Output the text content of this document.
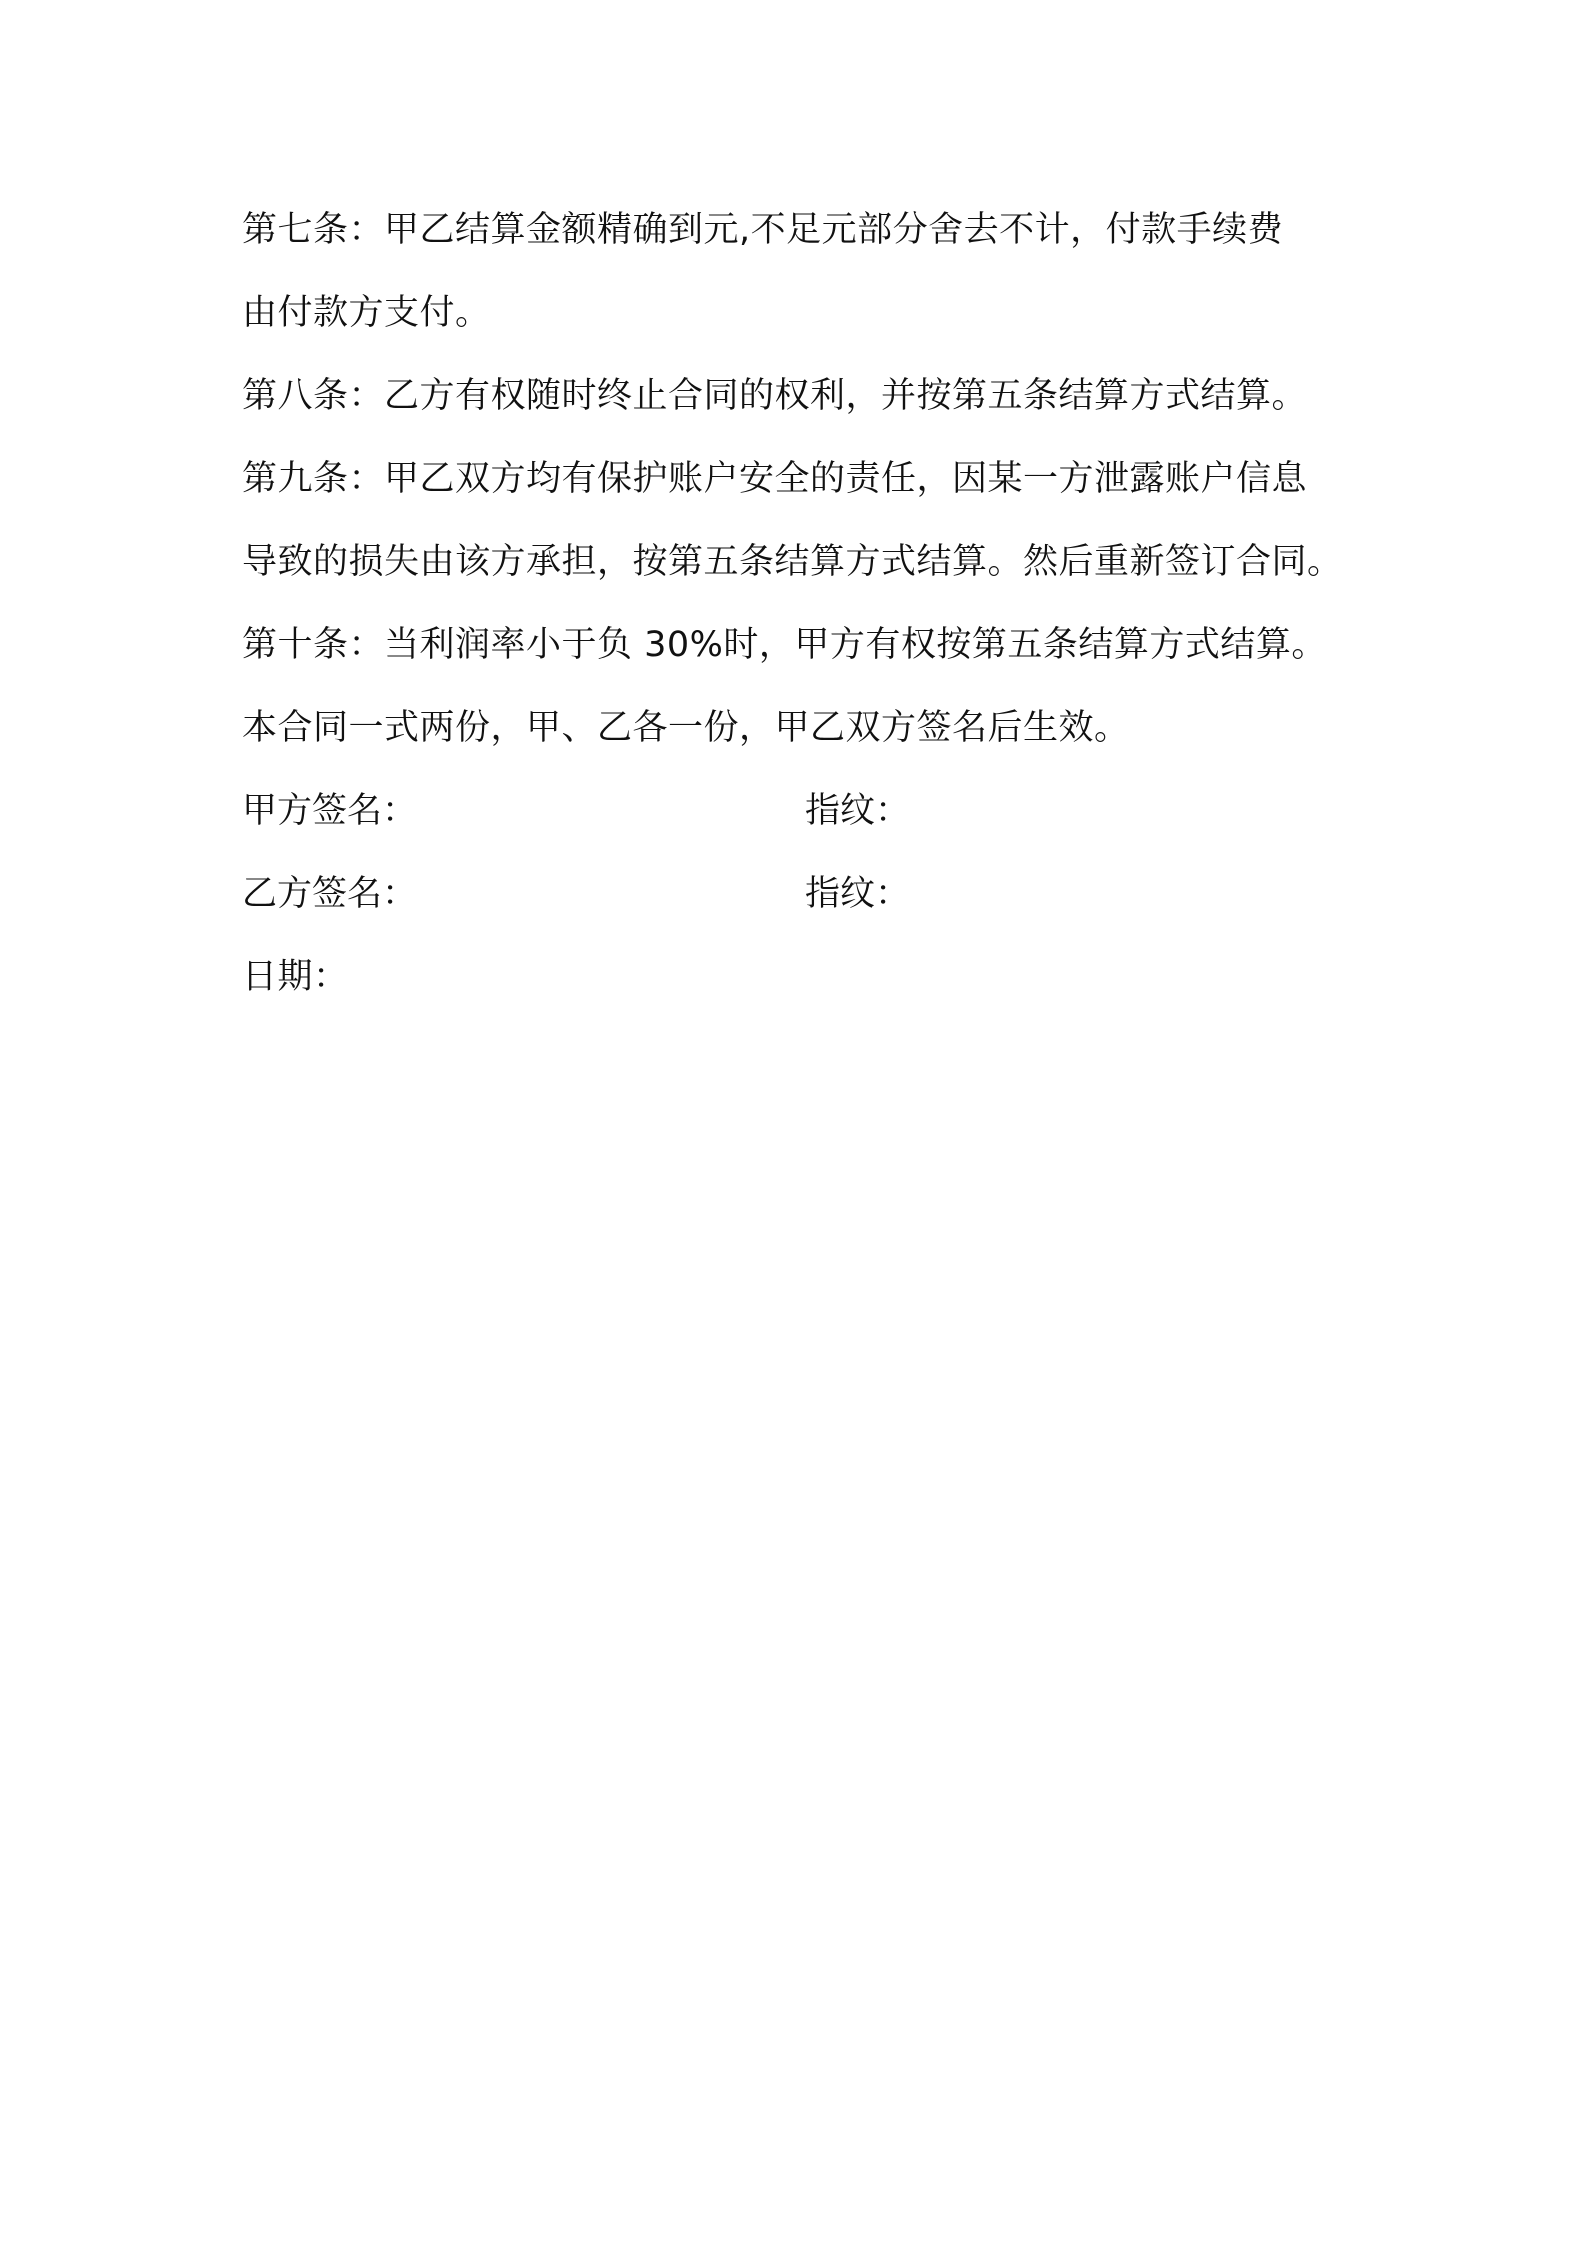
第七条：甲乙结算金额精确到元,不足元部分舍去不计，付款手续费
由付款方支付。
第八条：乙方有权随时终止合同的权利，并按第五条结算方式结算。
第九条：甲乙双方均有保护账户安全的责任，因某一方泄露账户信息
导致的损失由该方承担，按第五条结算方式结算。然后重新签订合同。
第十条：当利润率小于负 30%时，甲方有权按第五条结算方式结算。
本合同一式两份，甲、乙各一份，甲乙双方签名后生效。
甲方签名：	指纹：
乙方签名：	指纹：
日期：
